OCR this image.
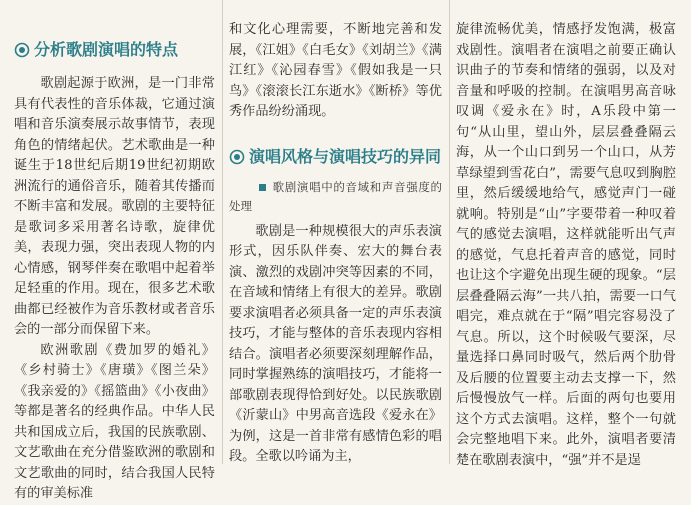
分析歌剧演唱的特点

歌剧起源于欧洲，是一门非常具有代表性的音乐体裁，它通过演唱和音乐演奏展示故事情节，表现角色的情绪起伏。艺术歌曲是一种诞生于18世纪后期19世纪初期欧洲流行的通俗音乐，随着其传播而不断丰富和发展。歌剧的主要特征是歌词多采用著名诗歌，旋律优美，表现力强，突出表现人物的内心情感，钢琴伴奏在歌唱中起着举足轻重的作用。现在，很多艺术歌曲都已经被作为音乐教材或者音乐会的一部分而保留下来。

欧洲歌剧《费加罗的婚礼》《乡村骑士》《唐璜》《图兰朵》《我亲爱的》《摇篮曲》《小夜曲》等都是著名的经典作品。中华人民共和国成立后，我国的民族歌剧、文艺歌曲在充分借鉴欧洲的歌剧和文艺歌曲的同时，结合我国人民特有的审美标准

和文化心理需要，不断地完善和发展，《江姐》《白毛女》《刘胡兰》《满江红》《沁园春雪》《假如我是一只鸟》《滚滚长江东逝水》《断桥》等优秀作品纷纷涌现。

演唱风格与演唱技巧的异同
歌剧演唱中的音域和声音强度的处理

歌剧是一种规模很大的声乐表演形式，因乐队伴奏、宏大的舞台表演、激烈的戏剧冲突等因素的不同，在音域和情绪上有很大的差异。歌剧要求演唱者必须具备一定的声乐表演技巧，才能与整体的音乐表现内容相结合。演唱者必须要深刻理解作品，同时掌握熟练的演唱技巧，才能将一部歌剧表现得恰到好处。以民族歌剧《沂蒙山》中男高音选段《爱永在》为例，这是一首非常有感情色彩的唱段。全歌以吟诵为主，

旋律流畅优美，情感抒发饱满，极富戏剧性。演唱者在演唱之前要正确认识曲子的节奏和情绪的强弱，以及对音量和呼吸的控制。在演唱男高音咏叹调《爱永在》时，A乐段中第一句“从山里，望山外，层层叠叠隔云海，从一个山口到另一个山口，从芳草绿望到雪花白”，需要气息叹到胸腔里，然后缓缓地给气，感觉声门一碰就响。特别是“山”字要带着一种叹着气的感觉去演唱，这样就能听出气声的感觉，气息托着声音的感觉，同时也让这个字避免出现生硬的现象。“层层叠叠隔云海”一共八拍，需要一口气唱完，难点就在于“隔”唱完容易没了气息。所以，这个时候吸气要深，尽量选择口鼻同时吸气，然后两个肋骨及后腰的位置要主动去支撑一下，然后慢慢放气一样。后面的两句也要用这个方式去演唱。这样，整个一句就会完整地唱下来。此外，演唱者要清楚在歌剧表演中，“强”并不是逞
